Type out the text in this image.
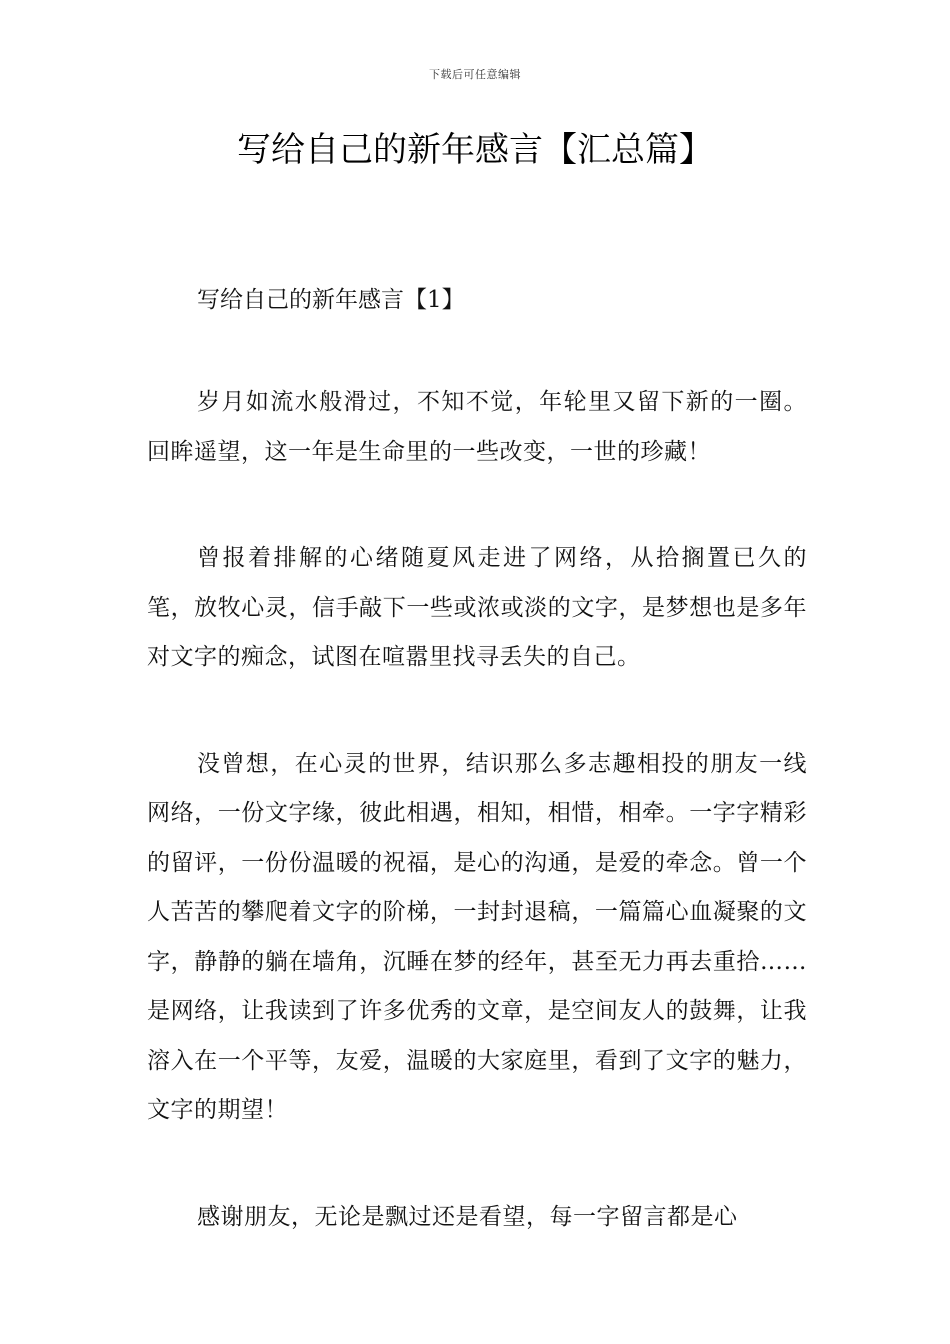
下载后可任意编辑
写给自己的新年感言【汇总篇】

写给自己的新年感言【1】

岁月如流水般滑过，不知不觉，年轮里又留下新的一圈。回眸遥望，这一年是生命里的一些改变，一世的珍藏！

曾报着排解的心绪随夏风走进了网络，从拾搁置已久的笔，放牧心灵，信手敲下一些或浓或淡的文字，是梦想也是多年对文字的痴念，试图在喧嚣里找寻丢失的自己。

没曾想，在心灵的世界，结识那么多志趣相投的朋友一线网络，一份文字缘，彼此相遇，相知，相惜，相牵。一字字精彩的留评，一份份温暖的祝福，是心的沟通，是爱的牵念。曾一个人苦苦的攀爬着文字的阶梯，一封封退稿，一篇篇心血凝聚的文字，静静的躺在墙角，沉睡在梦的经年，甚至无力再去重拾……是网络，让我读到了许多优秀的文章，是空间友人的鼓舞，让我溶入在一个平等，友爱，温暖的大家庭里，看到了文字的魅力，文字的期望！

感谢朋友，无论是飘过还是看望，每一字留言都是心
